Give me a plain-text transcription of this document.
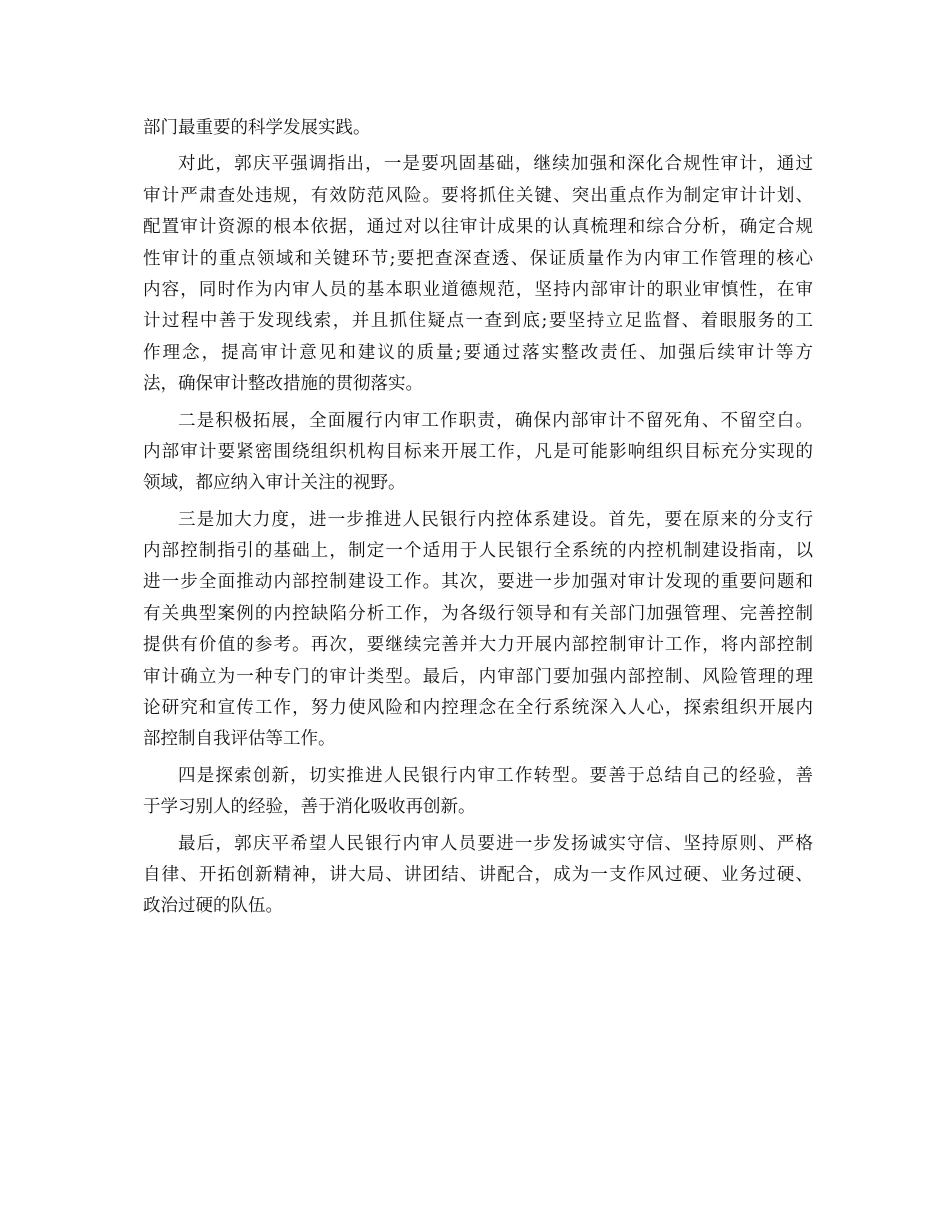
部门最重要的科学发展实践。
对此，郭庆平强调指出，一是要巩固基础，继续加强和深化合规性审计，通过
审计严肃查处违规，有效防范风险。要将抓住关键、突出重点作为制定审计计划、
配置审计资源的根本依据，通过对以往审计成果的认真梳理和综合分析，确定合规
性审计的重点领域和关键环节;要把查深查透、保证质量作为内审工作管理的核心
内容，同时作为内审人员的基本职业道德规范，坚持内部审计的职业审慎性，在审
计过程中善于发现线索，并且抓住疑点一查到底;要坚持立足监督、着眼服务的工
作理念，提高审计意见和建议的质量;要通过落实整改责任、加强后续审计等方
法，确保审计整改措施的贯彻落实。
二是积极拓展，全面履行内审工作职责，确保内部审计不留死角、不留空白。
内部审计要紧密围绕组织机构目标来开展工作，凡是可能影响组织目标充分实现的
领域，都应纳入审计关注的视野。
三是加大力度，进一步推进人民银行内控体系建设。首先，要在原来的分支行
内部控制指引的基础上，制定一个适用于人民银行全系统的内控机制建设指南，以
进一步全面推动内部控制建设工作。其次，要进一步加强对审计发现的重要问题和
有关典型案例的内控缺陷分析工作，为各级行领导和有关部门加强管理、完善控制
提供有价值的参考。再次，要继续完善并大力开展内部控制审计工作，将内部控制
审计确立为一种专门的审计类型。最后，内审部门要加强内部控制、风险管理的理
论研究和宣传工作，努力使风险和内控理念在全行系统深入人心，探索组织开展内
部控制自我评估等工作。
四是探索创新，切实推进人民银行内审工作转型。要善于总结自己的经验，善
于学习别人的经验，善于消化吸收再创新。
最后，郭庆平希望人民银行内审人员要进一步发扬诚实守信、坚持原则、严格
自律、开拓创新精神，讲大局、讲团结、讲配合，成为一支作风过硬、业务过硬、
政治过硬的队伍。
